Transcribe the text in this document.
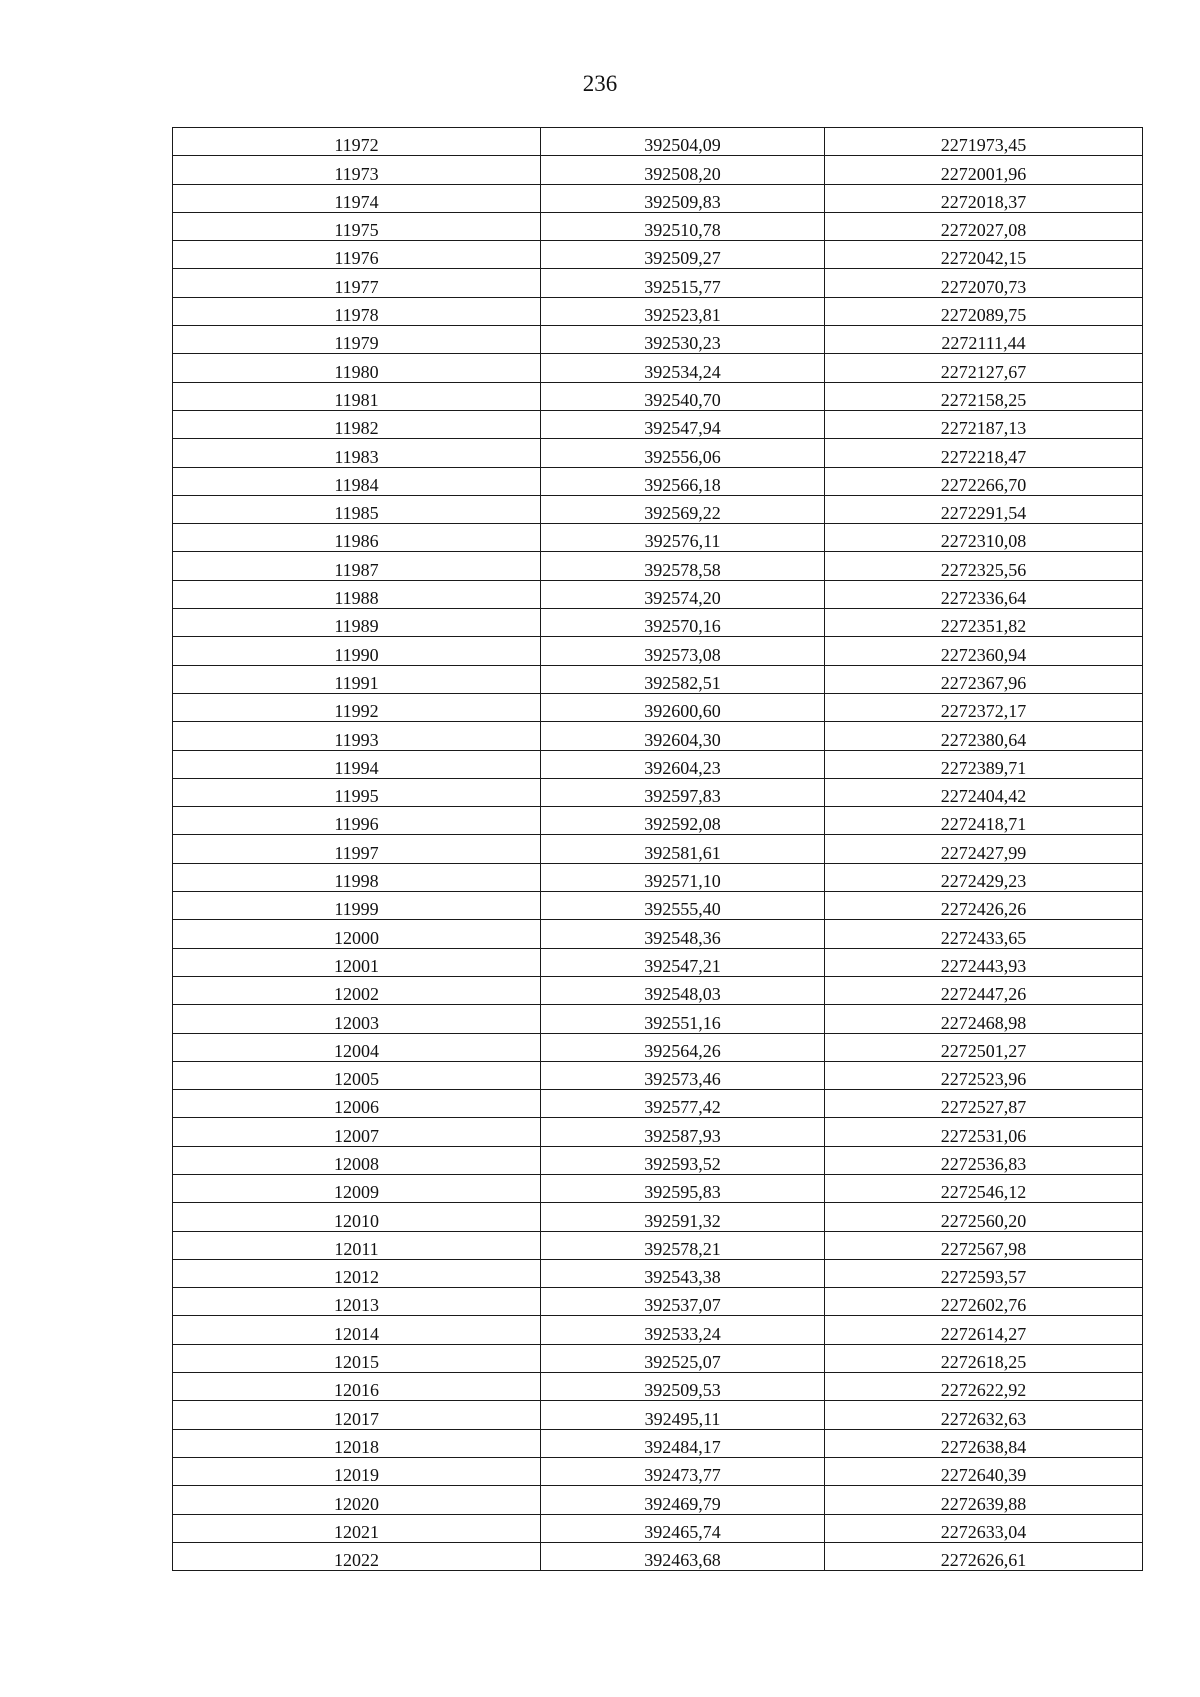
236
11972	392504,09	2271973,45
11973	392508,20	2272001,96
11974	392509,83	2272018,37
11975	392510,78	2272027,08
11976	392509,27	2272042,15
11977	392515,77	2272070,73
11978	392523,81	2272089,75
11979	392530,23	2272111,44
11980	392534,24	2272127,67
11981	392540,70	2272158,25
11982	392547,94	2272187,13
11983	392556,06	2272218,47
11984	392566,18	2272266,70
11985	392569,22	2272291,54
11986	392576,11	2272310,08
11987	392578,58	2272325,56
11988	392574,20	2272336,64
11989	392570,16	2272351,82
11990	392573,08	2272360,94
11991	392582,51	2272367,96
11992	392600,60	2272372,17
11993	392604,30	2272380,64
11994	392604,23	2272389,71
11995	392597,83	2272404,42
11996	392592,08	2272418,71
11997	392581,61	2272427,99
11998	392571,10	2272429,23
11999	392555,40	2272426,26
12000	392548,36	2272433,65
12001	392547,21	2272443,93
12002	392548,03	2272447,26
12003	392551,16	2272468,98
12004	392564,26	2272501,27
12005	392573,46	2272523,96
12006	392577,42	2272527,87
12007	392587,93	2272531,06
12008	392593,52	2272536,83
12009	392595,83	2272546,12
12010	392591,32	2272560,20
12011	392578,21	2272567,98
12012	392543,38	2272593,57
12013	392537,07	2272602,76
12014	392533,24	2272614,27
12015	392525,07	2272618,25
12016	392509,53	2272622,92
12017	392495,11	2272632,63
12018	392484,17	2272638,84
12019	392473,77	2272640,39
12020	392469,79	2272639,88
12021	392465,74	2272633,04
12022	392463,68	2272626,61
